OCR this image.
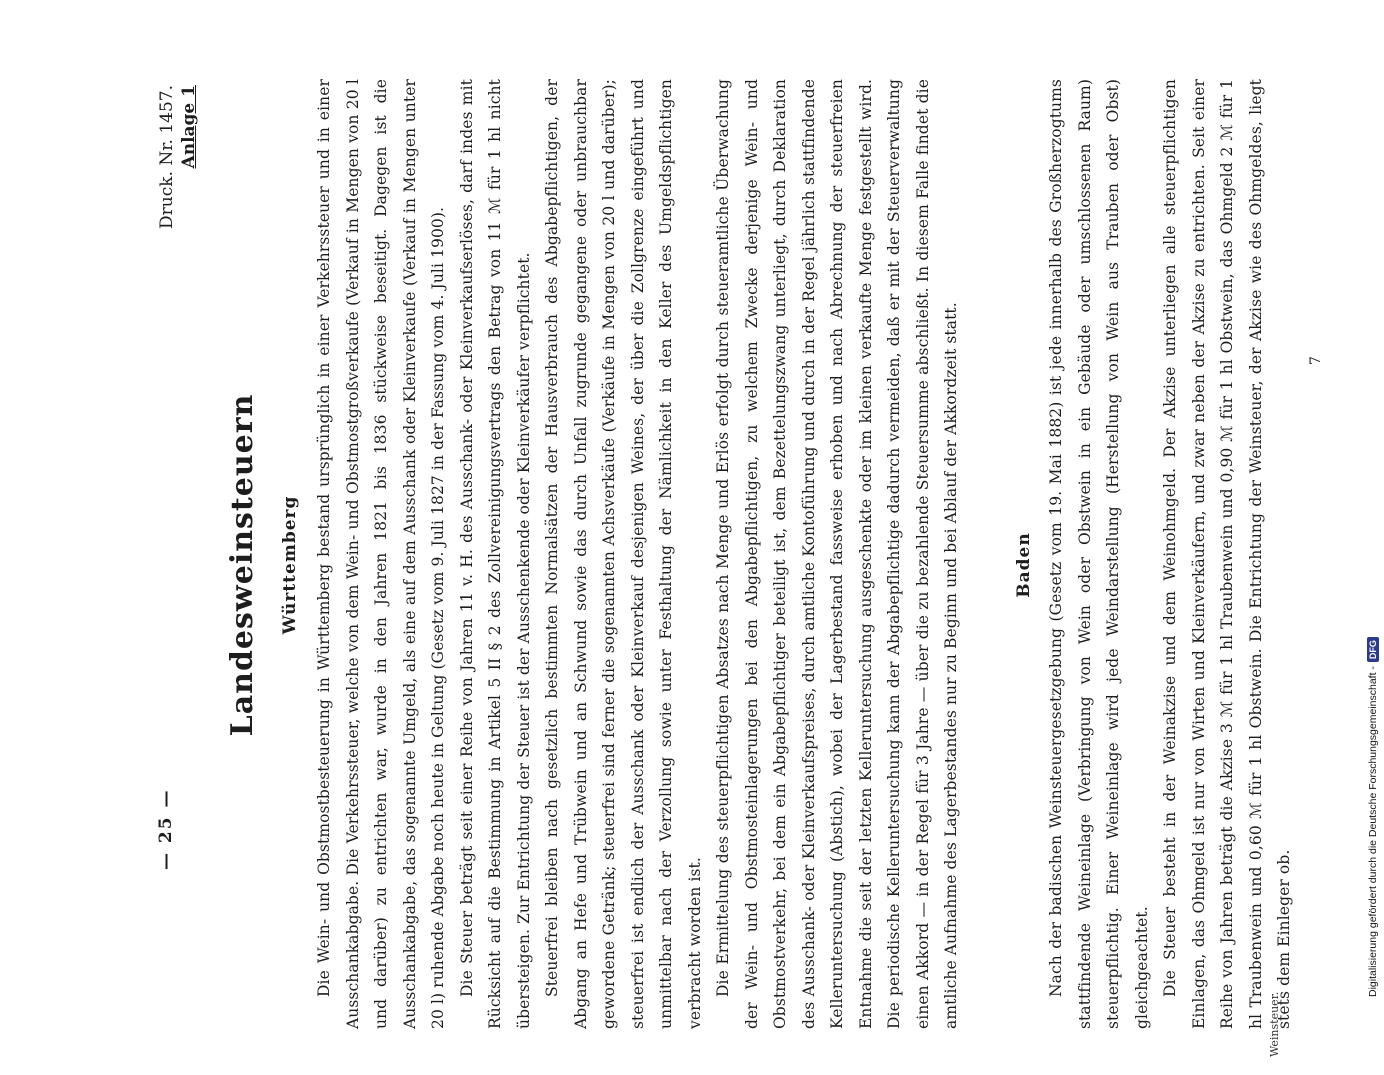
— 25 —
Druck. Nr. 1457. Anlage 1
Landesweinsteuern Württemberg Die Wein- und Obstmostbesteuerung in Württemberg bestand ursprünglich in einer Verkehrssteuer und in einer Ausschankabgabe. Die Verkehrssteuer, welche von dem Wein- und Obstmostgroßverkaufe (Verkauf in Mengen von 20 l und darüber) zu entrichten war, wurde in den Jahren 1821 bis 1836 stückweise beseitigt. Dagegen ist die Ausschankabgabe, das sogenannte Umgeld, als eine auf dem Ausschank oder Kleinverkaufe (Verkauf in Mengen unter 20 l) ruhende Abgabe noch heute in Geltung (Gesetz vom 9. Juli 1827 in der Fassung vom 4. Juli 1900). Die Steuer beträgt seit einer Reihe von Jahren 11 v. H. des Ausschank- oder Kleinverkaufserlöses, darf indes mit Rücksicht auf die Bestimmung in Artikel 5 II § 2 des Zollvereinigungsvertrags den Betrag von 11 ℳ für 1 hl nicht übersteigen. Zur Entrichtung der Steuer ist der Ausschenkende oder Kleinverkäufer verpflichtet. Steuerfrei bleiben nach gesetzlich bestimmten Normalsätzen der Hausverbrauch des Abgabepflichtigen, der Abgang an Hefe und Trübwein und an Schwund sowie das durch Unfall zugrunde gegangene oder unbrauchbar gewordene Getränk; steuerfrei sind ferner die sogenannten Achsverkäufe (Verkäufe in Mengen von 20 l und darüber); steuerfrei ist endlich der Ausschank oder Kleinverkauf desjenigen Weines, der über die Zollgrenze eingeführt und unmittelbar nach der Verzollung sowie unter Festhaltung der Nämlichkeit in den Keller des Umgeldspflichtigen verbracht worden ist. Die Ermittelung des steuerpflichtigen Absatzes nach Menge und Erlös erfolgt durch steueramtliche Überwachung der Wein- und Obstmosteinlagerungen bei den Abgabepflichtigen, zu welchem Zwecke derjenige Wein- und Obstmostverkehr, bei dem ein Abgabepflichtiger beteiligt ist, dem Bezettelungszwang unterliegt, durch Deklaration des Ausschank- oder Kleinverkaufspreises, durch amtliche Kontoführung und durch in der Regel jährlich stattfindende Kelleruntersuchung (Abstich), wobei der Lagerbestand fassweise erhoben und nach Abrechnung der steuerfreien Entnahme die seit der letzten Kelleruntersuchung ausgeschenkte oder im kleinen verkaufte Menge festgestellt wird. Die periodische Kelleruntersuchung kann der Abgabepflichtige dadurch vermeiden, daß er mit der Steuerverwaltung einen Akkord — in der Regel für 3 Jahre — über die zu bezahlende Steuersumme abschließt. In diesem Falle findet die amtliche Aufnahme des Lagerbestandes nur zu Beginn und bei Ablauf der Akkordzeit statt.	Baden Nach der badischen Weinsteuergesetzgebung (Gesetz vom 19. Mai 1882) ist jede innerhalb des Großherzogtums stattfindende Weineinlage (Verbringung von Wein oder Obstwein in ein Gebäude oder umschlossenen Raum) steuerpflichtig. Einer Weineinlage wird jede Weindarstellung (Herstellung von Wein aus Trauben oder Obst) gleichgeachtet. Die Steuer besteht in der Weinakzise und dem Weinohmgeld. Der Akzise unterliegen alle steuerpflichtigen Einlagen, das Ohmgeld ist nur von Wirten und Kleinverkäufern, und zwar neben der Akzise zu entrichten. Seit einer Reihe von Jahren beträgt die Akzise 3 ℳ für 1 hl Traubenwein und 0,90 ℳ für 1 hl Obstwein, das Ohmgeld 2 ℳ für 1 hl Traubenwein und 0,60 ℳ für 1 hl Obstwein. Die Entrichtung der Weinsteuer, der Akzise wie des Ohmgeldes, liegt stets dem Einleger ob.

Weinsteuer.
7
Digitalisierung gefördert durch die Deutsche Forschungsgemeinschaft -
DFG
